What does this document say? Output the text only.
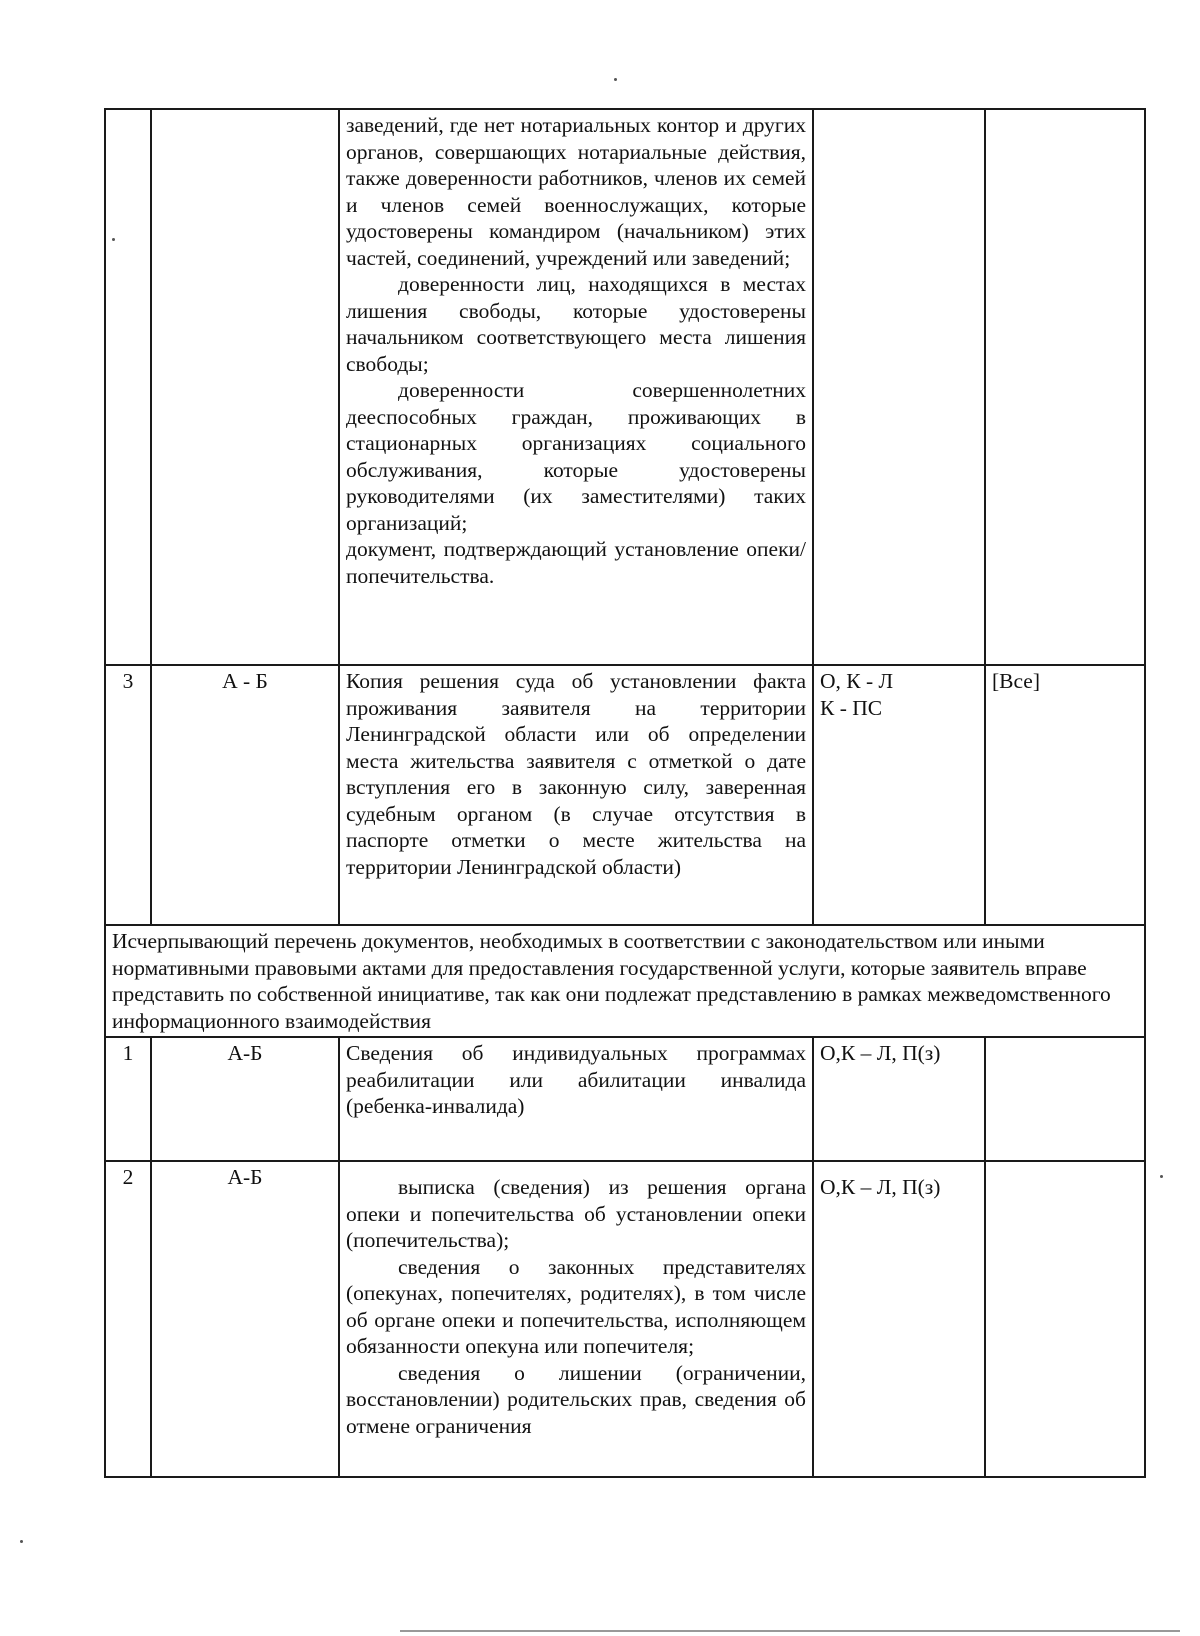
		заведений, где нет нотариальных контор и других органов, совершающих нотариальные действия, также доверенности работников, членов их семей и членов семей военнослужащих, которые удостоверены командиром (начальником) этих частей, соединений, учреждений или заведений;

доверенности лиц, находящихся в местах лишения свободы, которые удостоверены начальником соответствующего места лишения свободы;

доверенности совершеннолетних дееспособных граждан, проживающих в стационарных организациях социального обслуживания, которые удостоверены руководителями (их заместителями) таких организаций;

документ, подтверждающий установление опеки/попечительства.		

3	А - Б	Копия решения суда об установлении факта проживания заявителя на территории Ленинградской области или об определении места жительства заявителя с отметкой о дате вступления его в законную силу, заверенная судебным органом (в случае отсутствия в паспорте отметки о месте жительства на территории Ленинградской области)	О, К - Л
К - ПС	[Все]
Исчерпывающий перечень документов, необходимых в соответствии с законодательством или иными нормативными правовыми актами для предоставления государственной услуги, которые заявитель вправе представить по собственной инициативе, так как они подлежат представлению в рамках межведомственного информационного взаимодействия				
1	А-Б	Сведения об индивидуальных программах реабилитации или абилитации инвалида (ребенка-инвалида)	О,К – Л, П(з)	
2	А-Б	выписка (сведения) из решения органа опеки и попечительства об установлении опеки (попечительства);

сведения о законных представителях (опекунах, попечителях, родителях), в том числе об органе опеки и попечительства, исполняющем обязанности опекуна или попечителя;

сведения о лишении (ограничении, восстановлении) родительских прав, сведения об отмене ограничения	О,К – Л, П(з)	
